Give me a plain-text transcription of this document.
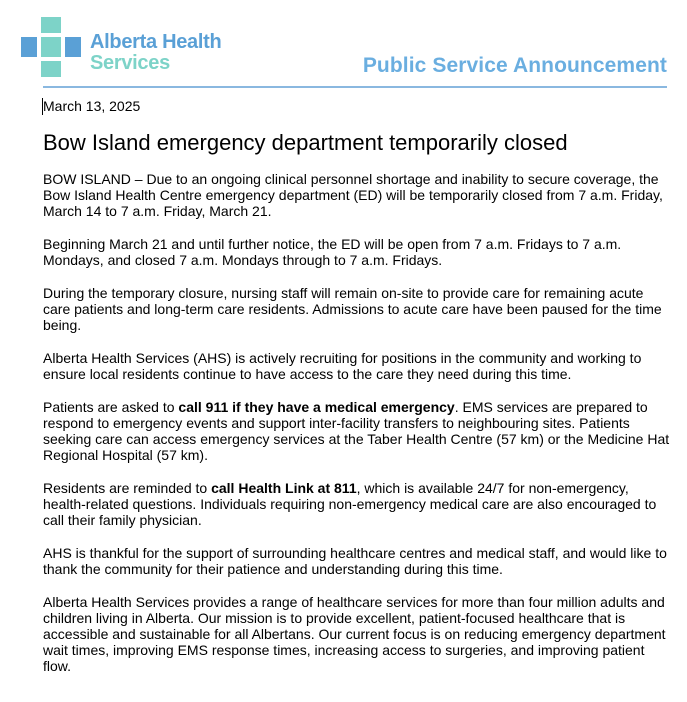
Alberta Health
Services	Public Service Announcement
March 13, 2025
Bow Island emergency department temporarily closed

BOW ISLAND – Due to an ongoing clinical personnel shortage and inability to secure coverage, the Bow Island Health Centre emergency department (ED) will be temporarily closed from 7 a.m. Friday, March 14 to 7 a.m. Friday, March 21.

Beginning March 21 and until further notice, the ED will be open from 7 a.m. Fridays to 7 a.m. Mondays, and closed 7 a.m. Mondays through to 7 a.m. Fridays.

During the temporary closure, nursing staff will remain on-site to provide care for remaining acute care patients and long-term care residents. Admissions to acute care have been paused for the time being.

Alberta Health Services (AHS) is actively recruiting for positions in the community and working to ensure local residents continue to have access to the care they need during this time.

Patients are asked to call 911 if they have a medical emergency. EMS services are prepared to respond to emergency events and support inter-facility transfers to neighbouring sites. Patients seeking care can access emergency services at the Taber Health Centre (57 km) or the Medicine Hat Regional Hospital (57 km).

Residents are reminded to call Health Link at 811, which is available 24/7 for non-emergency, health-related questions. Individuals requiring non-emergency medical care are also encouraged to call their family physician.

AHS is thankful for the support of surrounding healthcare centres and medical staff, and would like to thank the community for their patience and understanding during this time.

Alberta Health Services provides a range of healthcare services for more than four million adults and children living in Alberta. Our mission is to provide excellent, patient-focused healthcare that is accessible and sustainable for all Albertans. Our current focus is on reducing emergency department wait times, improving EMS response times, increasing access to surgeries, and improving patient flow.
